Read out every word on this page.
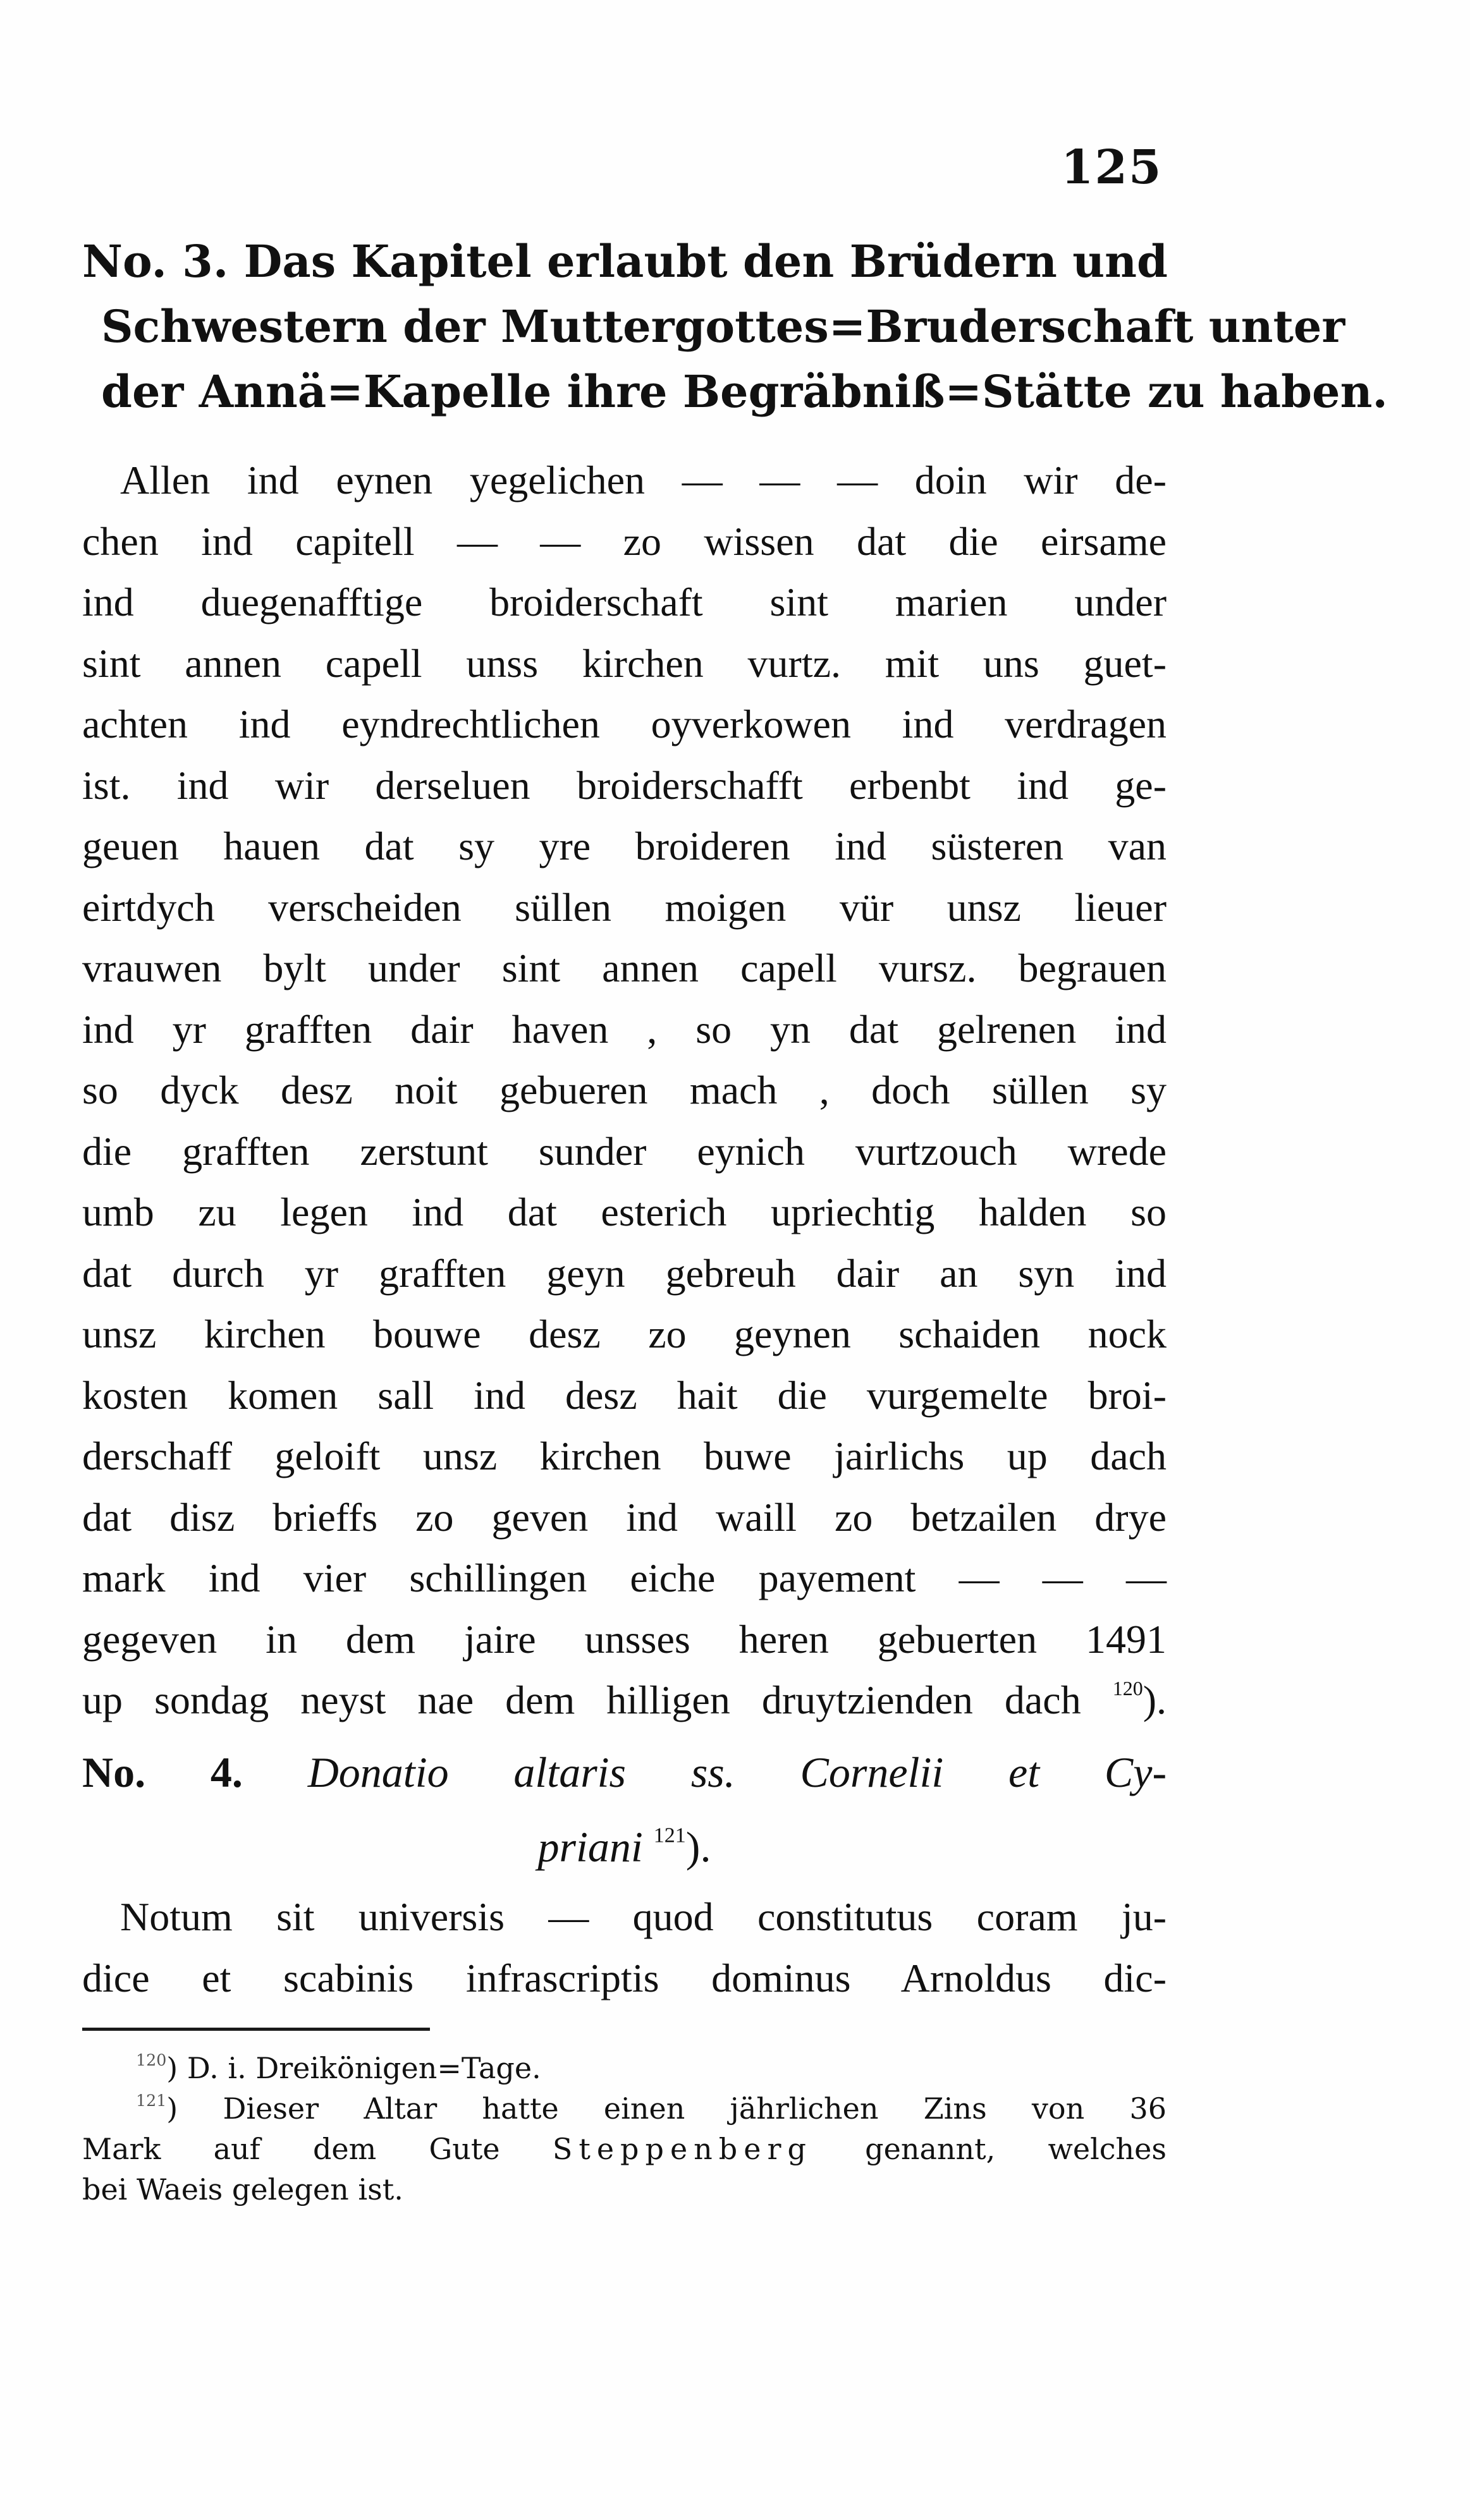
125
No. 3. Das Kapitel erlaubt den Brüdern und
Schwestern der Muttergottes=Bruderschaft unter
der Annä=Kapelle ihre Begräbniß=Stätte zu haben.
Allen ind eynen yegelichen — — — doin wir de-
chen ind capitell — — zo wissen dat die eirsame
ind duegenafftige broiderschaft sint marien under
sint annen capell unss kirchen vurtz. mit uns guet-
achten ind eyndrechtlichen oyverkowen ind verdragen
ist. ind wir derseluen broiderschafft erbenbt ind ge-
geuen hauen dat sy yre broideren ind süsteren van
eirtdych verscheiden süllen moigen vür unsz lieuer
vrauwen bylt under sint annen capell vursz. begrauen
ind yr grafften dair haven , so yn dat gelrenen ind
so dyck desz noit gebueren mach , doch süllen sy
die grafften zerstunt sunder eynich vurtzouch wrede
umb zu legen ind dat esterich upriechtig halden so
dat durch yr grafften geyn gebreuh dair an syn ind
unsz kirchen bouwe desz zo geynen schaiden nock
kosten komen sall ind desz hait die vurgemelte broi-
derschaff geloift unsz kirchen buwe jairlichs up dach
dat disz brieffs zo geven ind waill zo betzailen drye
mark ind vier schillingen eiche payement — — —
gegeven in dem jaire unsses heren gebuerten 1491
up sondag neyst nae dem hilligen druytzienden dach $^{120}$).
No. 4. Donatio altaris ss. Cornelii et Cy-
priani $^{121}$).
Notum sit universis — quod constitutus coram ju-
dice et scabinis infrascriptis dominus Arnoldus dic-
$^{120}$) D. i. Dreikönigen=Tage.
$^{121}$) Dieser Altar hatte einen jährlichen Zins von 36
Mark auf dem Gute Steppenberg genannt, welches
bei Waeis gelegen ist.
